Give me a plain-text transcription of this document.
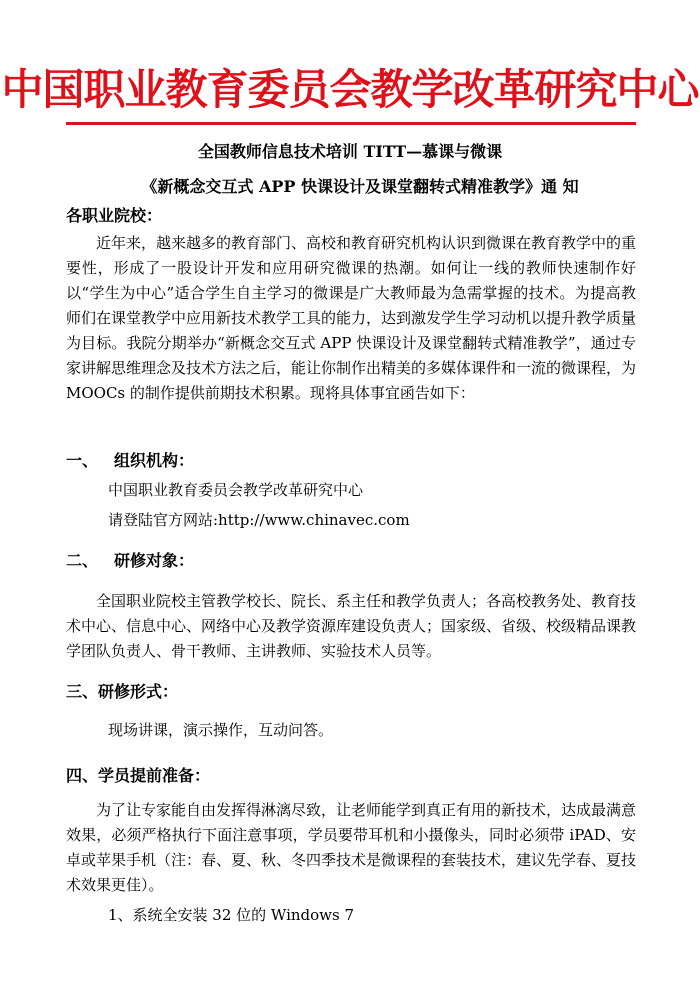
中国职业教育委员会教学改革研究中心
全国教师信息技术培训 TITT—慕课与微课
《新概念交互式 APP 快课设计及课堂翻转式精准教学》通 知
各职业院校：
近年来，越来越多的教育部门、高校和教育研究机构认识到微课在教育教学中的重要性，形成了一股设计开发和应用研究微课的热潮。如何让一线的教师快速制作好以“学生为中心”适合学生自主学习的微课是广大教师最为急需掌握的技术。为提高教师们在课堂教学中应用新技术教学工具的能力，达到激发学生学习动机以提升教学质量为目标。我院分期举办“新概念交互式 APP 快课设计及课堂翻转式精准教学”，通过专家讲解思维理念及技术方法之后，能让你制作出精美的多媒体课件和一流的微课程，为 MOOCs 的制作提供前期技术积累。现将具体事宜函告如下：
一、 组织机构：
中国职业教育委员会教学改革研究中心
请登陆官方网站:http://www.chinavec.com
二、 研修对象：
全国职业院校主管教学校长、院长、系主任和教学负责人；各高校教务处、教育技术中心、信息中心、网络中心及教学资源库建设负责人；国家级、省级、校级精品课教学团队负责人、骨干教师、主讲教师、实验技术人员等。
三、研修形式：
现场讲课，演示操作，互动问答。
四、学员提前准备：
为了让专家能自由发挥得淋漓尽致，让老师能学到真正有用的新技术，达成最满意效果，必须严格执行下面注意事项，学员要带耳机和小摄像头，同时必须带 iPAD、安卓或苹果手机（注：春、夏、秋、冬四季技术是微课程的套装技术，建议先学春、夏技术效果更佳）。
1、系统全安装 32 位的 Windows 7
